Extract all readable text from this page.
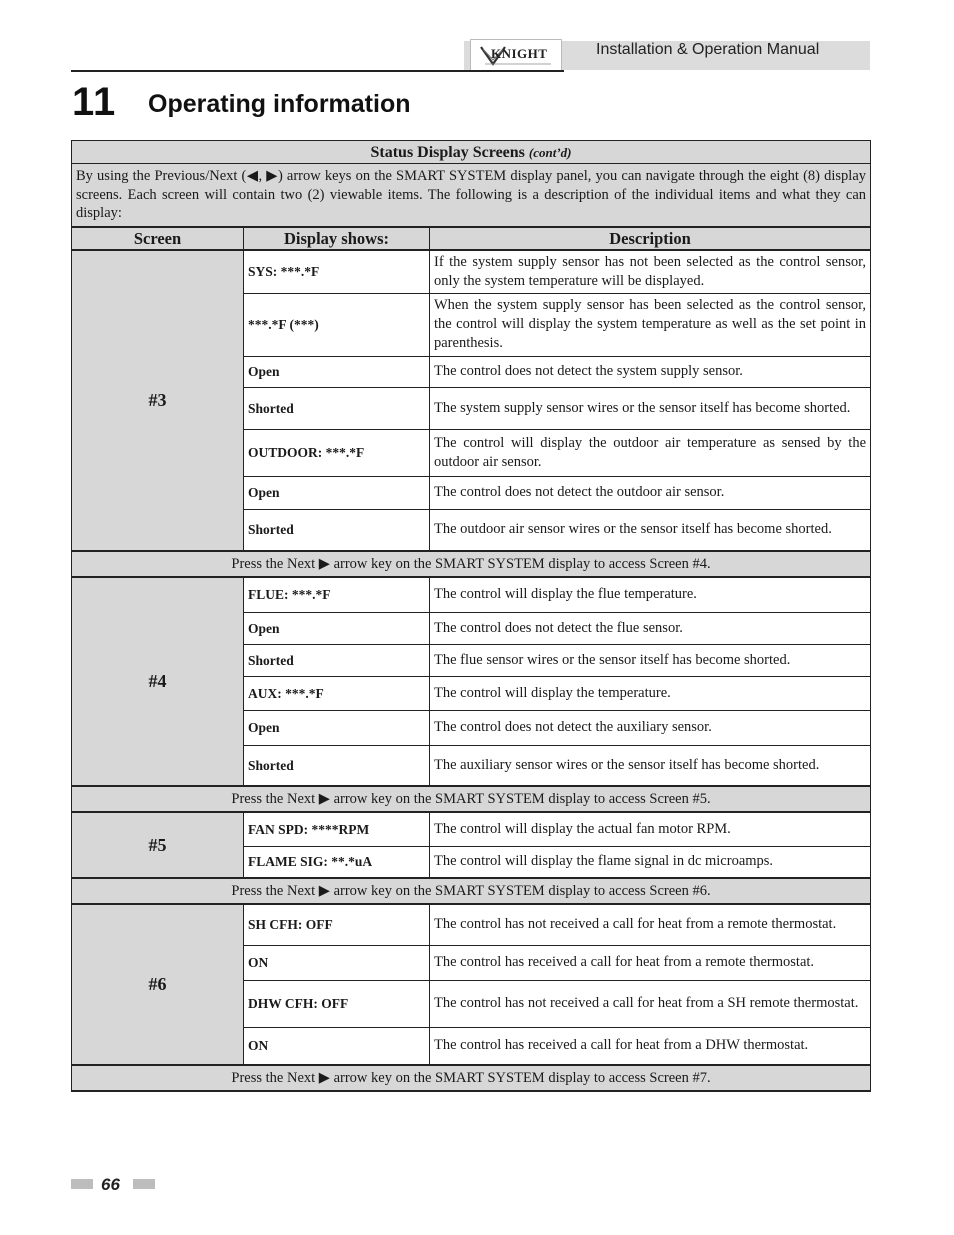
KNIGHT	Installation & Operation Manual
11 Operating information
Status Display Screens (cont’d)		
By using the Previous/Next (◀, ▶) arrow keys on the SMART SYSTEM display panel, you can navigate through the eight (8) display screens. Each screen will contain two (2) viewable items. The following is a description of the individual items and what they can display:		
Screen	Display shows:	Description
#3	SYS: ***.*F	If the system supply sensor has not been selected as the control sensor, only the system temperature will be displayed.
	***.*F (***)	When the system supply sensor has been selected as the control sensor, the control will display the system temperature as well as the set point in parenthesis.
	Open	The control does not detect the system supply sensor.
	Shorted	The system supply sensor wires or the sensor itself has become shorted.
	OUTDOOR: ***.*F	The control will display the outdoor air temperature as sensed by the outdoor air sensor.
	Open	The control does not detect the outdoor air sensor.
	Shorted	The outdoor air sensor wires or the sensor itself has become shorted.
Press the Next ▶ arrow key on the SMART SYSTEM display to access Screen #4.		
#4	FLUE: ***.*F	The control will display the flue temperature.
	Open	The control does not detect the flue sensor.
	Shorted	The flue sensor wires or the sensor itself has become shorted.
	AUX: ***.*F	The control will display the temperature.
	Open	The control does not detect the auxiliary sensor.
	Shorted	The auxiliary sensor wires or the sensor itself has become shorted.
Press the Next ▶ arrow key on the SMART SYSTEM display to access Screen #5.		
#5	FAN SPD: ****RPM	The control will display the actual fan motor RPM.
	FLAME SIG: **.*uA	The control will display the flame signal in dc microamps.
Press the Next ▶ arrow key on the SMART SYSTEM display to access Screen #6.		
#6	SH CFH: OFF	The control has not received a call for heat from a remote thermostat.
	ON	The control has received a call for heat from a remote thermostat.
	DHW CFH: OFF	The control has not received a call for heat from a SH remote thermostat.
	ON	The control has received a call for heat from a DHW thermostat.
Press the Next ▶ arrow key on the SMART SYSTEM display to access Screen #7.		
66
